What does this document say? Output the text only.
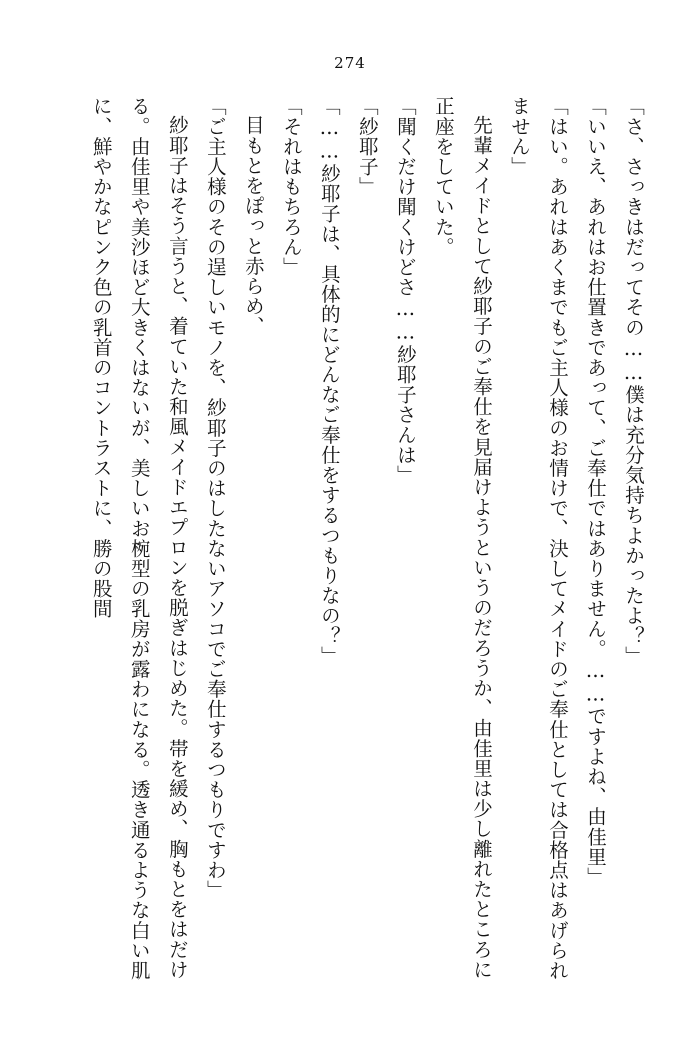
274

「さ、さっきはだってその……僕は充分気持ちよかったよ？」

「いいえ、あれはお仕置きであって、ご奉仕ではありません。……ですよね、由佳里」

「はい。あれはあくまでもご主人様のお情けで、決してメイドのご奉仕としては合格点はあげられません」

先輩メイドとして紗耶子のご奉仕を見届けようというのだろうか、由佳里は少し離れたところに正座をしていた。

「聞くだけ聞くけどさ……紗耶子さんは」

「紗耶子」

「……紗耶子は、具体的にどんなご奉仕をするつもりなの？」

「それはもちろん」

目もとをぽっと赤らめ、

「ご主人様のその逞しいモノを、紗耶子のはしたないアソコでご奉仕するつもりですわ」

紗耶子はそう言うと、着ていた和風メイドエプロンを脱ぎはじめた。帯を緩め、胸もとをはだける。由佳里や美沙ほど大きくはないが、美しいお椀型の乳房が露わになる。透き通るような白い肌に、鮮やかなピンク色の乳首のコントラストに、勝の股間
